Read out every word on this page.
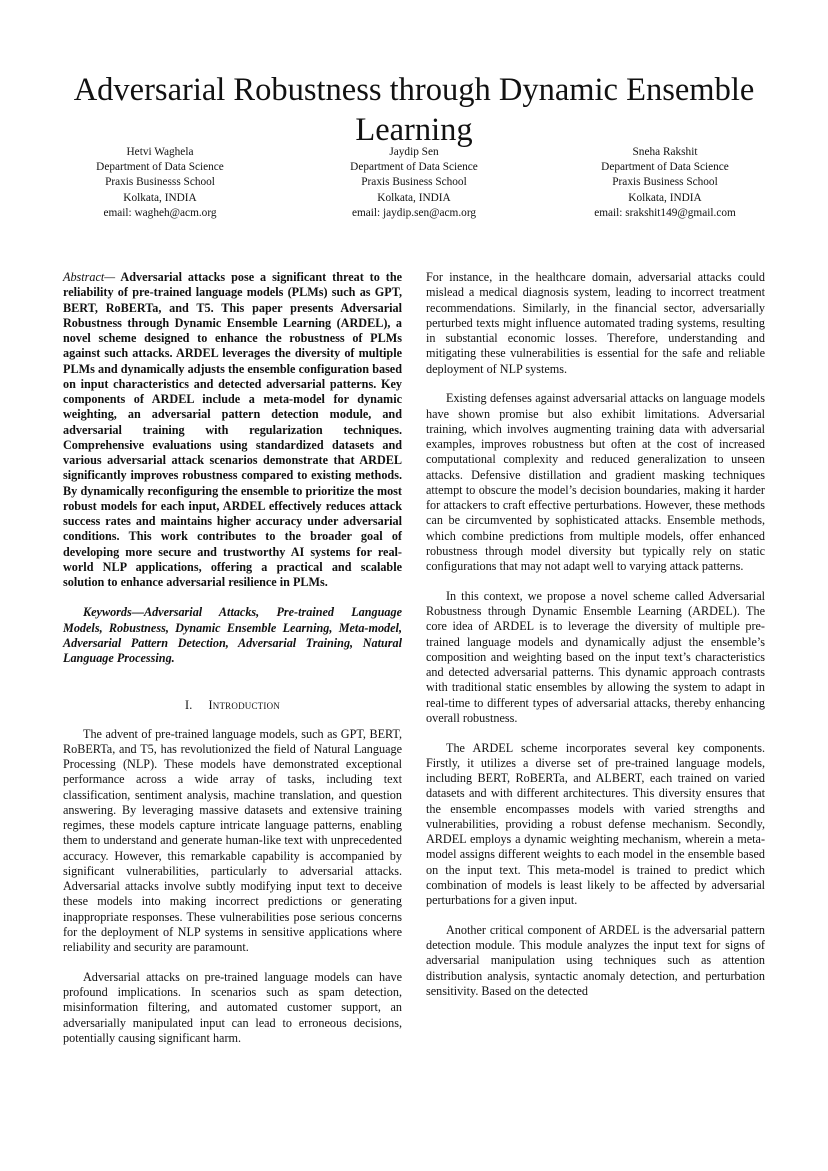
Adversarial Robustness through Dynamic Ensemble Learning
Hetvi Waghela
Department of Data Science
Praxis Businesss School
Kolkata, INDIA
email: wagheh@acm.org
Jaydip Sen
Department of Data Science
Praxis Business School
Kolkata, INDIA
email: jaydip.sen@acm.org
Sneha Rakshit
Department of Data Science
Praxis Business School
Kolkata, INDIA
email: srakshit149@gmail.com

Abstract— Adversarial attacks pose a significant threat to the reliability of pre-trained language models (PLMs) such as GPT, BERT, RoBERTa, and T5. This paper presents Adversarial Robustness through Dynamic Ensemble Learning (ARDEL), a novel scheme designed to enhance the robustness of PLMs against such attacks. ARDEL leverages the diversity of multiple PLMs and dynamically adjusts the ensemble configuration based on input characteristics and detected adversarial patterns. Key components of ARDEL include a meta-model for dynamic weighting, an adversarial pattern detection module, and adversarial training with regularization techniques. Comprehensive evaluations using standardized datasets and various adversarial attack scenarios demonstrate that ARDEL significantly improves robustness compared to existing methods. By dynamically reconfiguring the ensemble to prioritize the most robust models for each input, ARDEL effectively reduces attack success rates and maintains higher accuracy under adversarial conditions. This work contributes to the broader goal of developing more secure and trustworthy AI systems for real-world NLP applications, offering a practical and scalable solution to enhance adversarial resilience in PLMs.

Keywords—Adversarial Attacks, Pre-trained Language Models, Robustness, Dynamic Ensemble Learning, Meta-model, Adversarial Pattern Detection, Adversarial Training, Natural Language Processing.

I. Introduction

The advent of pre-trained language models, such as GPT, BERT, RoBERTa, and T5, has revolutionized the field of Natural Language Processing (NLP). These models have demonstrated exceptional performance across a wide array of tasks, including text classification, sentiment analysis, machine translation, and question answering. By leveraging massive datasets and extensive training regimes, these models capture intricate language patterns, enabling them to understand and generate human-like text with unprecedented accuracy. However, this remarkable capability is accompanied by significant vulnerabilities, particularly to adversarial attacks. Adversarial attacks involve subtly modifying input text to deceive these models into making incorrect predictions or generating inappropriate responses. These vulnerabilities pose serious concerns for the deployment of NLP systems in sensitive applications where reliability and security are paramount.

Adversarial attacks on pre-trained language models can have profound implications. In scenarios such as spam detection, misinformation filtering, and automated customer support, an adversarially manipulated input can lead to erroneous decisions, potentially causing significant harm.

For instance, in the healthcare domain, adversarial attacks could mislead a medical diagnosis system, leading to incorrect treatment recommendations. Similarly, in the financial sector, adversarially perturbed texts might influence automated trading systems, resulting in substantial economic losses. Therefore, understanding and mitigating these vulnerabilities is essential for the safe and reliable deployment of NLP systems.

Existing defenses against adversarial attacks on language models have shown promise but also exhibit limitations. Adversarial training, which involves augmenting training data with adversarial examples, improves robustness but often at the cost of increased computational complexity and reduced generalization to unseen attacks. Defensive distillation and gradient masking techniques attempt to obscure the model’s decision boundaries, making it harder for attackers to craft effective perturbations. However, these methods can be circumvented by sophisticated attacks. Ensemble methods, which combine predictions from multiple models, offer enhanced robustness through model diversity but typically rely on static configurations that may not adapt well to varying attack patterns.

In this context, we propose a novel scheme called Adversarial Robustness through Dynamic Ensemble Learning (ARDEL). The core idea of ARDEL is to leverage the diversity of multiple pre-trained language models and dynamically adjust the ensemble’s composition and weighting based on the input text’s characteristics and detected adversarial patterns. This dynamic approach contrasts with traditional static ensembles by allowing the system to adapt in real-time to different types of adversarial attacks, thereby enhancing overall robustness.

The ARDEL scheme incorporates several key components. Firstly, it utilizes a diverse set of pre-trained language models, including BERT, RoBERTa, and ALBERT, each trained on varied datasets and with different architectures. This diversity ensures that the ensemble encompasses models with varied strengths and vulnerabilities, providing a robust defense mechanism. Secondly, ARDEL employs a dynamic weighting mechanism, wherein a meta-model assigns different weights to each model in the ensemble based on the input text. This meta-model is trained to predict which combination of models is least likely to be affected by adversarial perturbations for a given input.

Another critical component of ARDEL is the adversarial pattern detection module. This module analyzes the input text for signs of adversarial manipulation using techniques such as attention distribution analysis, syntactic anomaly detection, and perturbation sensitivity. Based on the detected
